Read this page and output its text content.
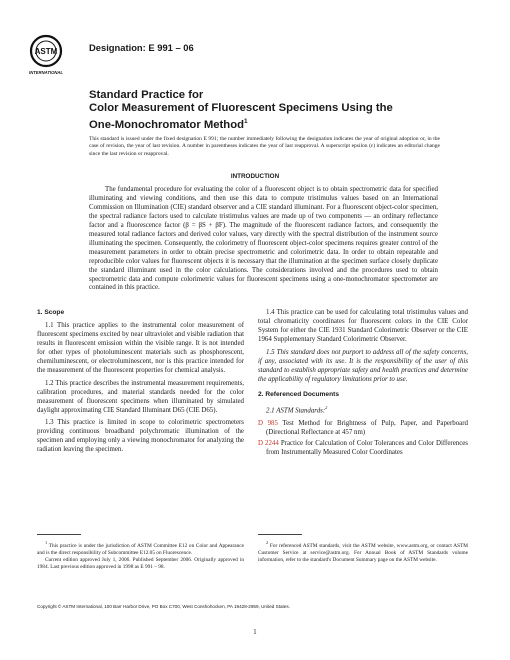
ASTM
INTERNATIONAL
Designation: E 991 – 06
Standard Practice for
Color Measurement of Fluorescent Specimens Using the
One-Monochromator Method$^1$
This standard is issued under the fixed designation E 991; the number immediately following the designation indicates the year of original adoption or, in the case of revision, the year of last revision. A number in parentheses indicates the year of last reapproval. A superscript epsilon (ε) indicates an editorial change since the last revision or reapproval.
INTRODUCTION
The fundamental procedure for evaluating the color of a fluorescent object is to obtain spectrometric data for specified illuminating and viewing conditions, and then use this data to compute tristimulus values based on an International Commission on Illumination (CIE) standard observer and a CIE standard illuminant. For a fluorescent object-color specimen, the spectral radiance factors used to calculate tristimulus values are made up of two components — an ordinary reflectance factor and a fluorescence factor (β = βS + βF). The magnitude of the fluorescent radiance factors, and consequently the measured total radiance factors and derived color values, vary directly with the spectral distribution of the instrument source illuminating the specimen. Consequently, the colorimetry of fluorescent object-color specimens requires greater control of the measurement parameters in order to obtain precise spectrometric and colorimetric data. In order to obtain repeatable and reproducible color values for fluorescent objects it is necessary that the illumination at the specimen surface closely duplicate the standard illuminant used in the color calculations. The considerations involved and the procedures used to obtain spectrometric data and compute colorimetric values for fluorescent specimens using a one-monochromator spectrometer are contained in this practice.
1. Scope
1.1 This practice applies to the instrumental color measurement of fluorescent specimens excited by near ultraviolet and visible radiation that results in fluorescent emission within the visible range. It is not intended for other types of photoluminescent materials such as phosphorescent, chemiluminescent, or electroluminescent, nor is this practice intended for the measurement of the fluorescent properties for chemical analysis.
1.2 This practice describes the instrumental measurement requirements, calibration procedures, and material standards needed for the color measurement of fluorescent specimens when illuminated by simulated daylight approximating CIE Standard Illuminant D65 (CIE D65).
1.3 This practice is limited in scope to colorimetric spectrometers providing continuous broadband polychromatic illumination of the specimen and employing only a viewing monochromator for analyzing the radiation leaving the specimen.
1.4 This practice can be used for calculating total tristimulus values and total chromaticity coordinates for fluorescent colors in the CIE Color System for either the CIE 1931 Standard Colorimetric Observer or the CIE 1964 Supplementary Standard Colorimetric Observer.
1.5 This standard does not purport to address all of the safety concerns, if any, associated with its use. It is the responsibility of the user of this standard to establish appropriate safety and health practices and determine the applicability of regulatory limitations prior to use.
2. Referenced Documents
2.1 ASTM Standards:$^2$
D 985 Test Method for Brightness of Pulp, Paper, and Paperboard (Directional Reflectance at 457 nm)
D 2244 Practice for Calculation of Color Tolerances and Color Differences from Instrumentally Measured Color Coordinates
$^1$ This practice is under the jurisdiction of ASTM Committee E12 on Color and Appearance and is the direct responsibility of Subcommittee E12.05 on Fluorescence.
Current edition approved July 1, 2006. Published September 2006. Originally approved in 1984. Last previous edition approved in 1998 as E 991 – 98.
$^2$ For referenced ASTM standards, visit the ASTM website, www.astm.org, or contact ASTM Customer Service at service@astm.org. For Annual Book of ASTM Standards volume information, refer to the standard's Document Summary page on the ASTM website.
Copyright © ASTM International, 100 Barr Harbor Drive, PO Box C700, West Conshohocken, PA 19428-2959, United States.
1
